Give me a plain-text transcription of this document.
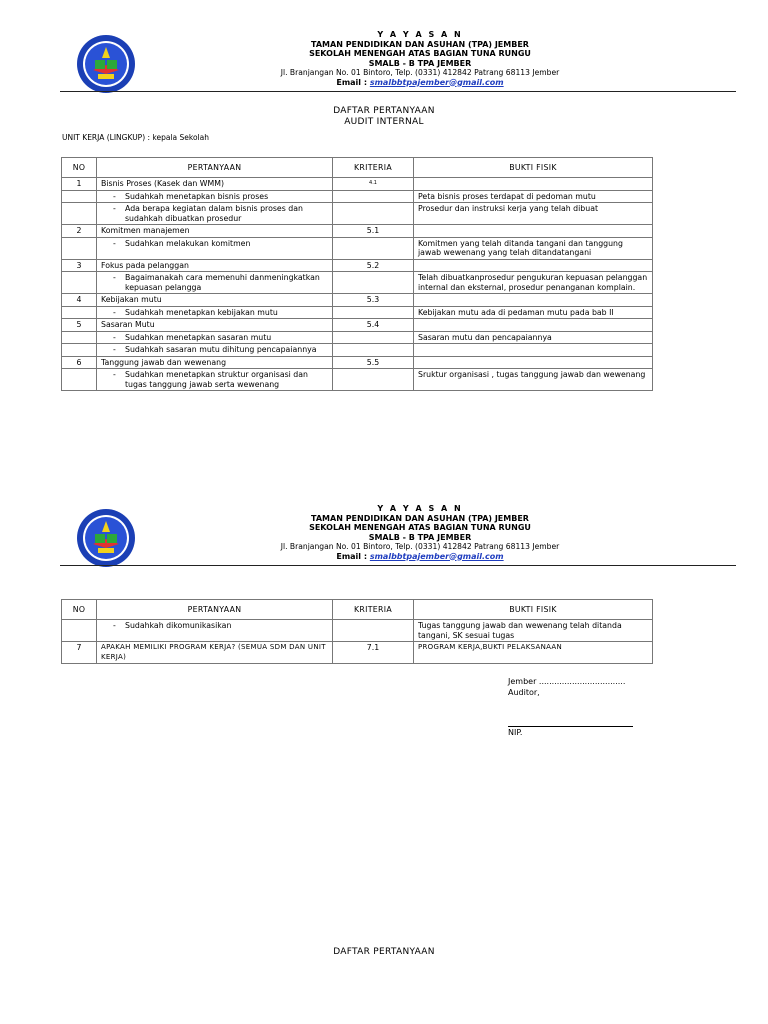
Y A Y A S A N
TAMAN PENDIDIKAN DAN ASUHAN (TPA) JEMBER
SEKOLAH MENENGAH ATAS BAGIAN TUNA RUNGU
SMALB - B TPA JEMBER
Jl. Branjangan No. 01 Bintoro, Telp. (0331) 412842 Patrang 68113 Jember
Email : smalbbtpajember@gmail.com
DAFTAR PERTANYAAN
AUDIT INTERNAL
UNIT KERJA (LINGKUP) : kepala Sekolah
NO	PERTANYAAN	KRITERIA	BUKTI FISIK
1	Bisnis Proses (Kasek dan WMM)	4.1	
	- Sudahkah menetapkan bisnis proses		Peta bisnis proses terdapat di pedoman mutu
	- Ada berapa kegiatan dalam bisnis proses dan sudahkah dibuatkan prosedur		Prosedur dan instruksi kerja yang telah dibuat
2	Komitmen manajemen	5.1	
	- Sudahkan melakukan komitmen		Komitmen yang telah ditanda tangani dan tanggung jawab wewenang yang telah ditandatangani
3	Fokus pada pelanggan	5.2	
	- Bagaimanakah cara memenuhi danmeningkatkan kepuasan pelangga		Telah dibuatkanprosedur pengukuran kepuasan pelanggan internal dan eksternal, prosedur penanganan komplain.
4	Kebijakan mutu	5.3	
	- Sudahkah menetapkan kebijakan mutu		Kebijakan mutu ada di pedaman mutu pada bab II
5	Sasaran Mutu	5.4	
	- Sudahkan menetapkan sasaran mutu		Sasaran mutu dan pencapaiannya
	- Sudahkah sasaran mutu dihitung pencapaiannya		
6	Tanggung jawab dan wewenang	5.5	
	- Sudahkan menetapkan struktur organisasi dan tugas tanggung jawab serta wewenang		Sruktur organisasi , tugas tanggung jawab dan wewenang
Y A Y A S A N
TAMAN PENDIDIKAN DAN ASUHAN (TPA) JEMBER
SEKOLAH MENENGAH ATAS BAGIAN TUNA RUNGU
SMALB - B TPA JEMBER
Jl. Branjangan No. 01 Bintoro, Telp. (0331) 412842 Patrang 68113 Jember
Email : smalbbtpajember@gmail.com
NO	PERTANYAAN	KRITERIA	BUKTI FISIK
	- Sudahkah dikomunikasikan		Tugas tanggung jawab dan wewenang telah ditanda tangani, SK sesuai tugas
7	APAKAH MEMILIKI PROGRAM KERJA? (SEMUA SDM DAN UNIT KERJA)	7.1	PROGRAM KERJA,BUKTI PELAKSANAAN
Jember ..................................
Auditor,
NIP.
DAFTAR PERTANYAAN
